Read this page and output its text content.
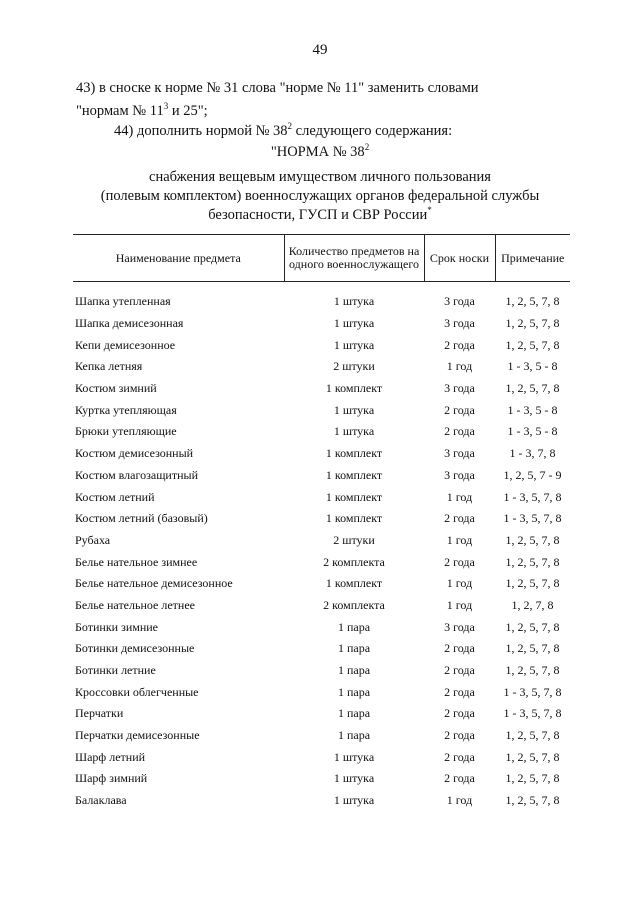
49
43) в сноске к норме № 31 слова "норме № 11" заменить словами
"нормам № $11^3$ и 25";
44) дополнить нормой № $38^2$ следующего содержания:
"НОРМА № $38^2$
снабжения вещевым имуществом личного пользования
(полевым комплектом) военнослужащих органов федеральной службы
безопасности, ГУСП и СВР России*
Наименование предмета	Количество предметов на одного военнослужащего	Срок носки	Примечание
Шапка утепленная	1 штука	3 года	1, 2, 5, 7, 8
Шапка демисезонная	1 штука	3 года	1, 2, 5, 7, 8
Кепи демисезонное	1 штука	2 года	1, 2, 5, 7, 8
Кепка летняя	2 штуки	1 год	1 - 3, 5 - 8
Костюм зимний	1 комплект	3 года	1, 2, 5, 7, 8
Куртка утепляющая	1 штука	2 года	1 - 3, 5 - 8
Брюки утепляющие	1 штука	2 года	1 - 3, 5 - 8
Костюм демисезонный	1 комплект	3 года	1 - 3, 7, 8
Костюм влагозащитный	1 комплект	3 года	1, 2, 5, 7 - 9
Костюм летний	1 комплект	1 год	1 - 3, 5, 7, 8
Костюм летний (базовый)	1 комплект	2 года	1 - 3, 5, 7, 8
Рубаха	2 штуки	1 год	1, 2, 5, 7, 8
Белье нательное зимнее	2 комплекта	2 года	1, 2, 5, 7, 8
Белье нательное демисезонное	1 комплект	1 год	1, 2, 5, 7, 8
Белье нательное летнее	2 комплекта	1 год	1, 2, 7, 8
Ботинки зимние	1 пара	3 года	1, 2, 5, 7, 8
Ботинки демисезонные	1 пара	2 года	1, 2, 5, 7, 8
Ботинки летние	1 пара	2 года	1, 2, 5, 7, 8
Кроссовки облегченные	1 пара	2 года	1 - 3, 5, 7, 8
Перчатки	1 пара	2 года	1 - 3, 5, 7, 8
Перчатки демисезонные	1 пара	2 года	1, 2, 5, 7, 8
Шарф летний	1 штука	2 года	1, 2, 5, 7, 8
Шарф зимний	1 штука	2 года	1, 2, 5, 7, 8
Балаклава	1 штука	1 год	1, 2, 5, 7, 8
